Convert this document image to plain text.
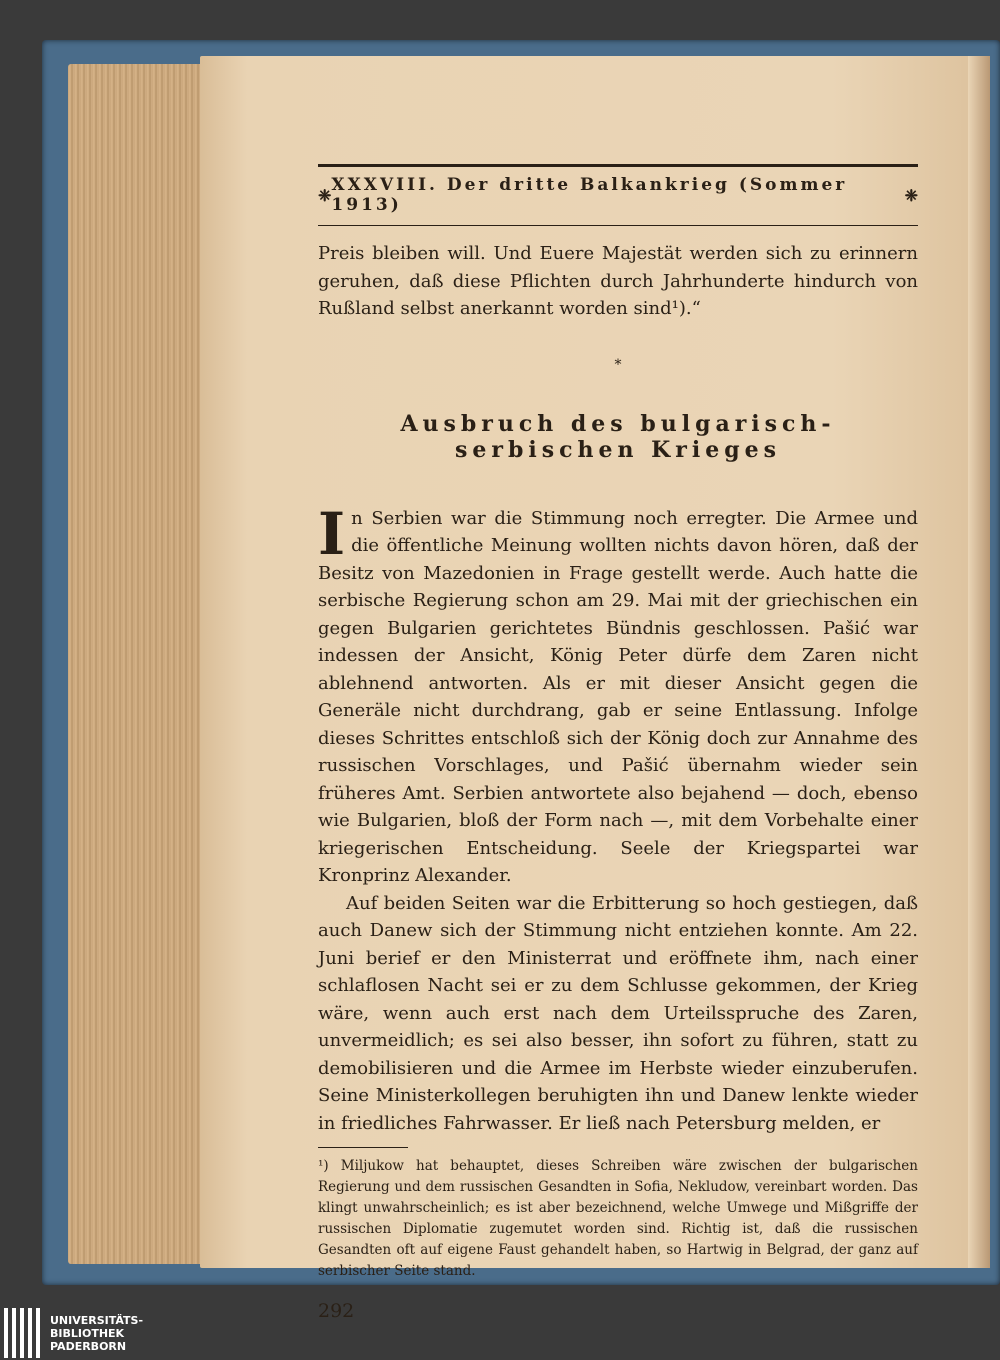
❈ XXXVIII. Der dritte Balkankrieg (Sommer 1913)	❈

Preis bleiben will. Und Euere Majestät werden sich zu erinnern geruhen, daß diese Pflichten durch Jahrhunderte hindurch von Rußland selbst anerkannt worden sind¹).“

*
Ausbruch des bulgarisch-serbischen Krieges

In Serbien war die Stimmung noch erregter. Die Armee und die öffentliche Meinung wollten nichts davon hören, daß der Besitz von Mazedonien in Frage gestellt werde. Auch hatte die serbische Regierung schon am 29. Mai mit der griechischen ein gegen Bulgarien gerichtetes Bündnis geschlossen. Pašić war indessen der Ansicht, König Peter dürfe dem Zaren nicht ablehnend antworten. Als er mit dieser Ansicht gegen die Generäle nicht durchdrang, gab er seine Entlassung. Infolge dieses Schrittes entschloß sich der König doch zur Annahme des russischen Vorschlages, und Pašić übernahm wieder sein früheres Amt. Serbien antwortete also bejahend — doch, ebenso wie Bulgarien, bloß der Form nach —, mit dem Vorbehalte einer kriegerischen Entscheidung. Seele der Kriegspartei war Kronprinz Alexander.

Auf beiden Seiten war die Erbitterung so hoch gestiegen, daß auch Danew sich der Stimmung nicht entziehen konnte. Am 22. Juni berief er den Ministerrat und eröffnete ihm, nach einer schlaflosen Nacht sei er zu dem Schlusse gekommen, der Krieg wäre, wenn auch erst nach dem Urteilsspruche des Zaren, unvermeidlich; es sei also besser, ihn sofort zu führen, statt zu demobilisieren und die Armee im Herbste wieder einzuberufen. Seine Ministerkollegen beruhigten ihn und Danew lenkte wieder in friedliches Fahrwasser. Er ließ nach Petersburg melden, er

¹) Miljukow hat behauptet, dieses Schreiben wäre zwischen der bulgarischen Regierung und dem russischen Gesandten in Sofia, Nekludow, vereinbart worden. Das klingt unwahrscheinlich; es ist aber bezeichnend, welche Umwege und Mißgriffe der russischen Diplomatie zugemutet worden sind. Richtig ist, daß die russischen Gesandten oft auf eigene Faust gehandelt haben, so Hartwig in Belgrad, der ganz auf serbischer Seite stand.

292
UNIVERSITÄTS-
BIBLIOTHEK
PADERBORN
